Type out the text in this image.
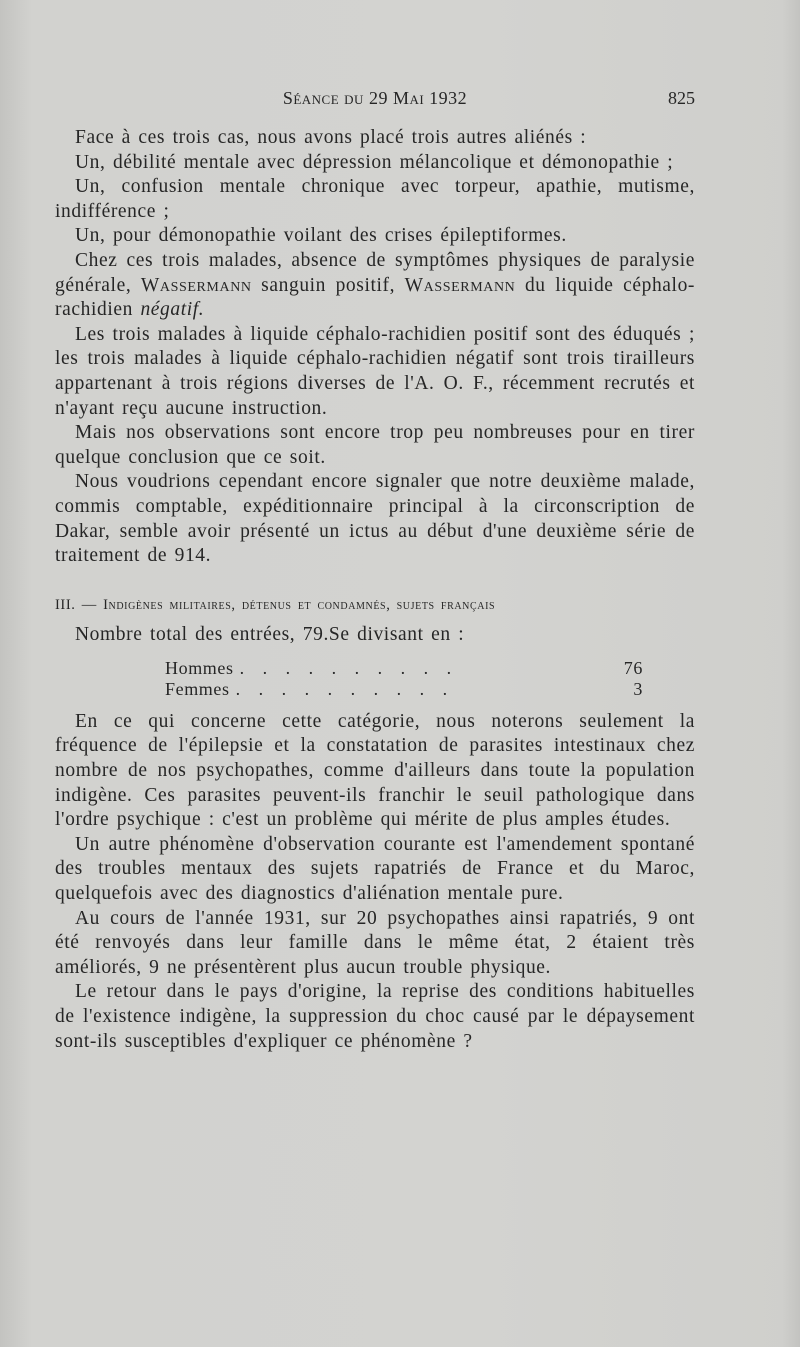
Séance du 29 Mai 1932	825

Face à ces trois cas, nous avons placé trois autres aliénés :

Un, débilité mentale avec dépression mélancolique et démonopathie ;

Un, confusion mentale chronique avec torpeur, apathie, mutisme, indifférence ;

Un, pour démonopathie voilant des crises épileptiformes.

Chez ces trois malades, absence de symptômes physiques de paralysie générale, Wassermann sanguin positif, Wassermann du liquide céphalo-rachidien négatif.

Les trois malades à liquide céphalo-rachidien positif sont des éduqués ; les trois malades à liquide céphalo-rachidien négatif sont trois tirailleurs appartenant à trois régions diverses de l'A. O. F., récemment recrutés et n'ayant reçu aucune instruction.

Mais nos observations sont encore trop peu nombreuses pour en tirer quelque conclusion que ce soit.

Nous voudrions cependant encore signaler que notre deuxième malade, commis comptable, expéditionnaire principal à la circonscription de Dakar, semble avoir présenté un ictus au début d'une deuxième série de traitement de 914.

III. — Indigènes militaires, détenus et condamnés, sujets français

Nombre total des entrées, 79.Se divisant en :

Hommes . . . . . . . . . .	76
Femmes . . . . . . . . . .	3

En ce qui concerne cette catégorie, nous noterons seulement la fréquence de l'épilepsie et la constatation de parasites intestinaux chez nombre de nos psychopathes, comme d'ailleurs dans toute la population indigène. Ces parasites peuvent-ils franchir le seuil pathologique dans l'ordre psychique : c'est un problème qui mérite de plus amples études.

Un autre phénomène d'observation courante est l'amendement spontané des troubles mentaux des sujets rapatriés de France et du Maroc, quelquefois avec des diagnostics d'aliénation mentale pure.

Au cours de l'année 1931, sur 20 psychopathes ainsi rapatriés, 9 ont été renvoyés dans leur famille dans le même état, 2 étaient très améliorés, 9 ne présentèrent plus aucun trouble physique.

Le retour dans le pays d'origine, la reprise des conditions habituelles de l'existence indigène, la suppression du choc causé par le dépaysement sont-ils susceptibles d'expliquer ce phénomène ?
